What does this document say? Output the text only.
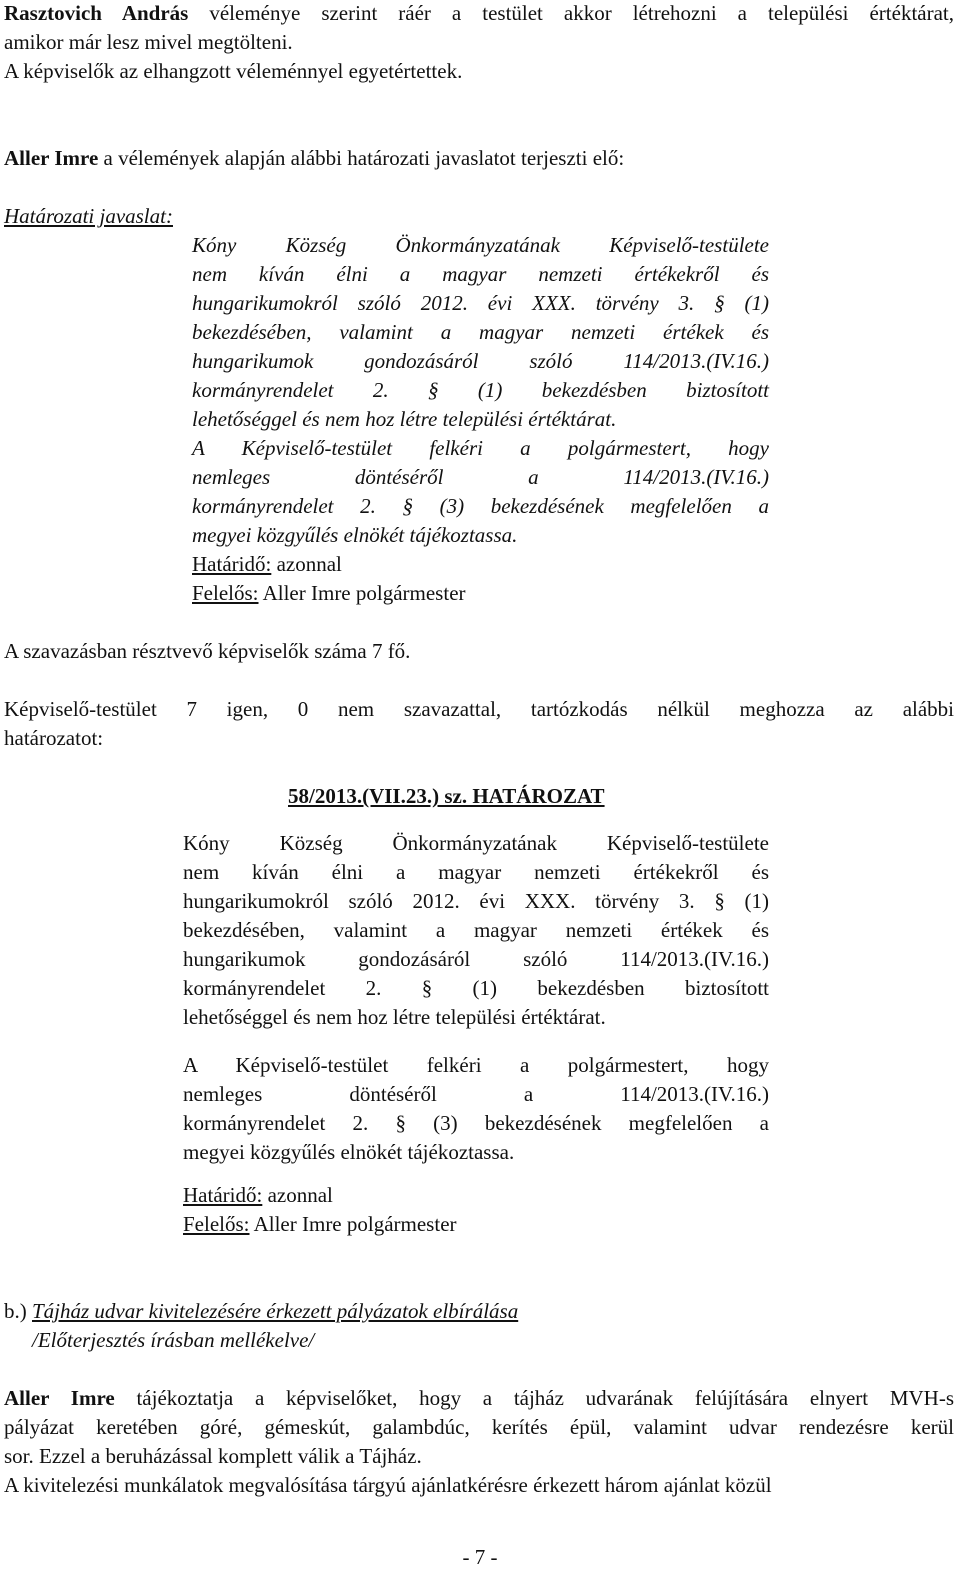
Rasztovich András véleménye szerint ráér a testület akkor létrehozni a települési értéktárat,
amikor már lesz mivel megtölteni.
A képviselők az elhangzott véleménnyel egyetértettek.
Aller Imre a vélemények alapján alábbi határozati javaslatot terjeszti elő:
Határozati javaslat:
Kóny Község Önkormányzatának Képviselő-testülete
nem kíván élni a magyar nemzeti értékekről és
hungarikumokról szóló 2012. évi XXX. törvény 3. § (1)
bekezdésében, valamint a magyar nemzeti értékek és
hungarikumok gondozásáról szóló 114/2013.(IV.16.)
kormányrendelet 2. § (1) bekezdésben biztosított
lehetőséggel és nem hoz létre települési értéktárat.
A Képviselő-testület felkéri a polgármestert, hogy
nemleges döntéséről a 114/2013.(IV.16.)
kormányrendelet 2. § (3) bekezdésének megfelelően a
megyei közgyűlés elnökét tájékoztassa.
Határidő: azonnal
Felelős: Aller Imre polgármester
A szavazásban résztvevő képviselők száma 7 fő.
Képviselő-testület 7 igen, 0 nem szavazattal, tartózkodás nélkül meghozza az alábbi
határozatot:
58/2013.(VII.23.) sz. HATÁROZAT
Kóny Község Önkormányzatának Képviselő-testülete
nem kíván élni a magyar nemzeti értékekről és
hungarikumokról szóló 2012. évi XXX. törvény 3. § (1)
bekezdésében, valamint a magyar nemzeti értékek és
hungarikumok gondozásáról szóló 114/2013.(IV.16.)
kormányrendelet 2. § (1) bekezdésben biztosított
lehetőséggel és nem hoz létre települési értéktárat.
A Képviselő-testület felkéri a polgármestert, hogy
nemleges döntéséről a 114/2013.(IV.16.)
kormányrendelet 2. § (3) bekezdésének megfelelően a
megyei közgyűlés elnökét tájékoztassa.
Határidő: azonnal
Felelős: Aller Imre polgármester
b.) Tájház udvar kivitelezésére érkezett pályázatok elbírálása
/Előterjesztés írásban mellékelve/
Aller Imre tájékoztatja a képviselőket, hogy a tájház udvarának felújítására elnyert MVH-s
pályázat keretében góré, gémeskút, galambdúc, kerítés épül, valamint udvar rendezésre kerül
sor. Ezzel a beruházással komplett válik a Tájház.
A kivitelezési munkálatok megvalósítása tárgyú ajánlatkérésre érkezett három ajánlat közül
- 7 -
